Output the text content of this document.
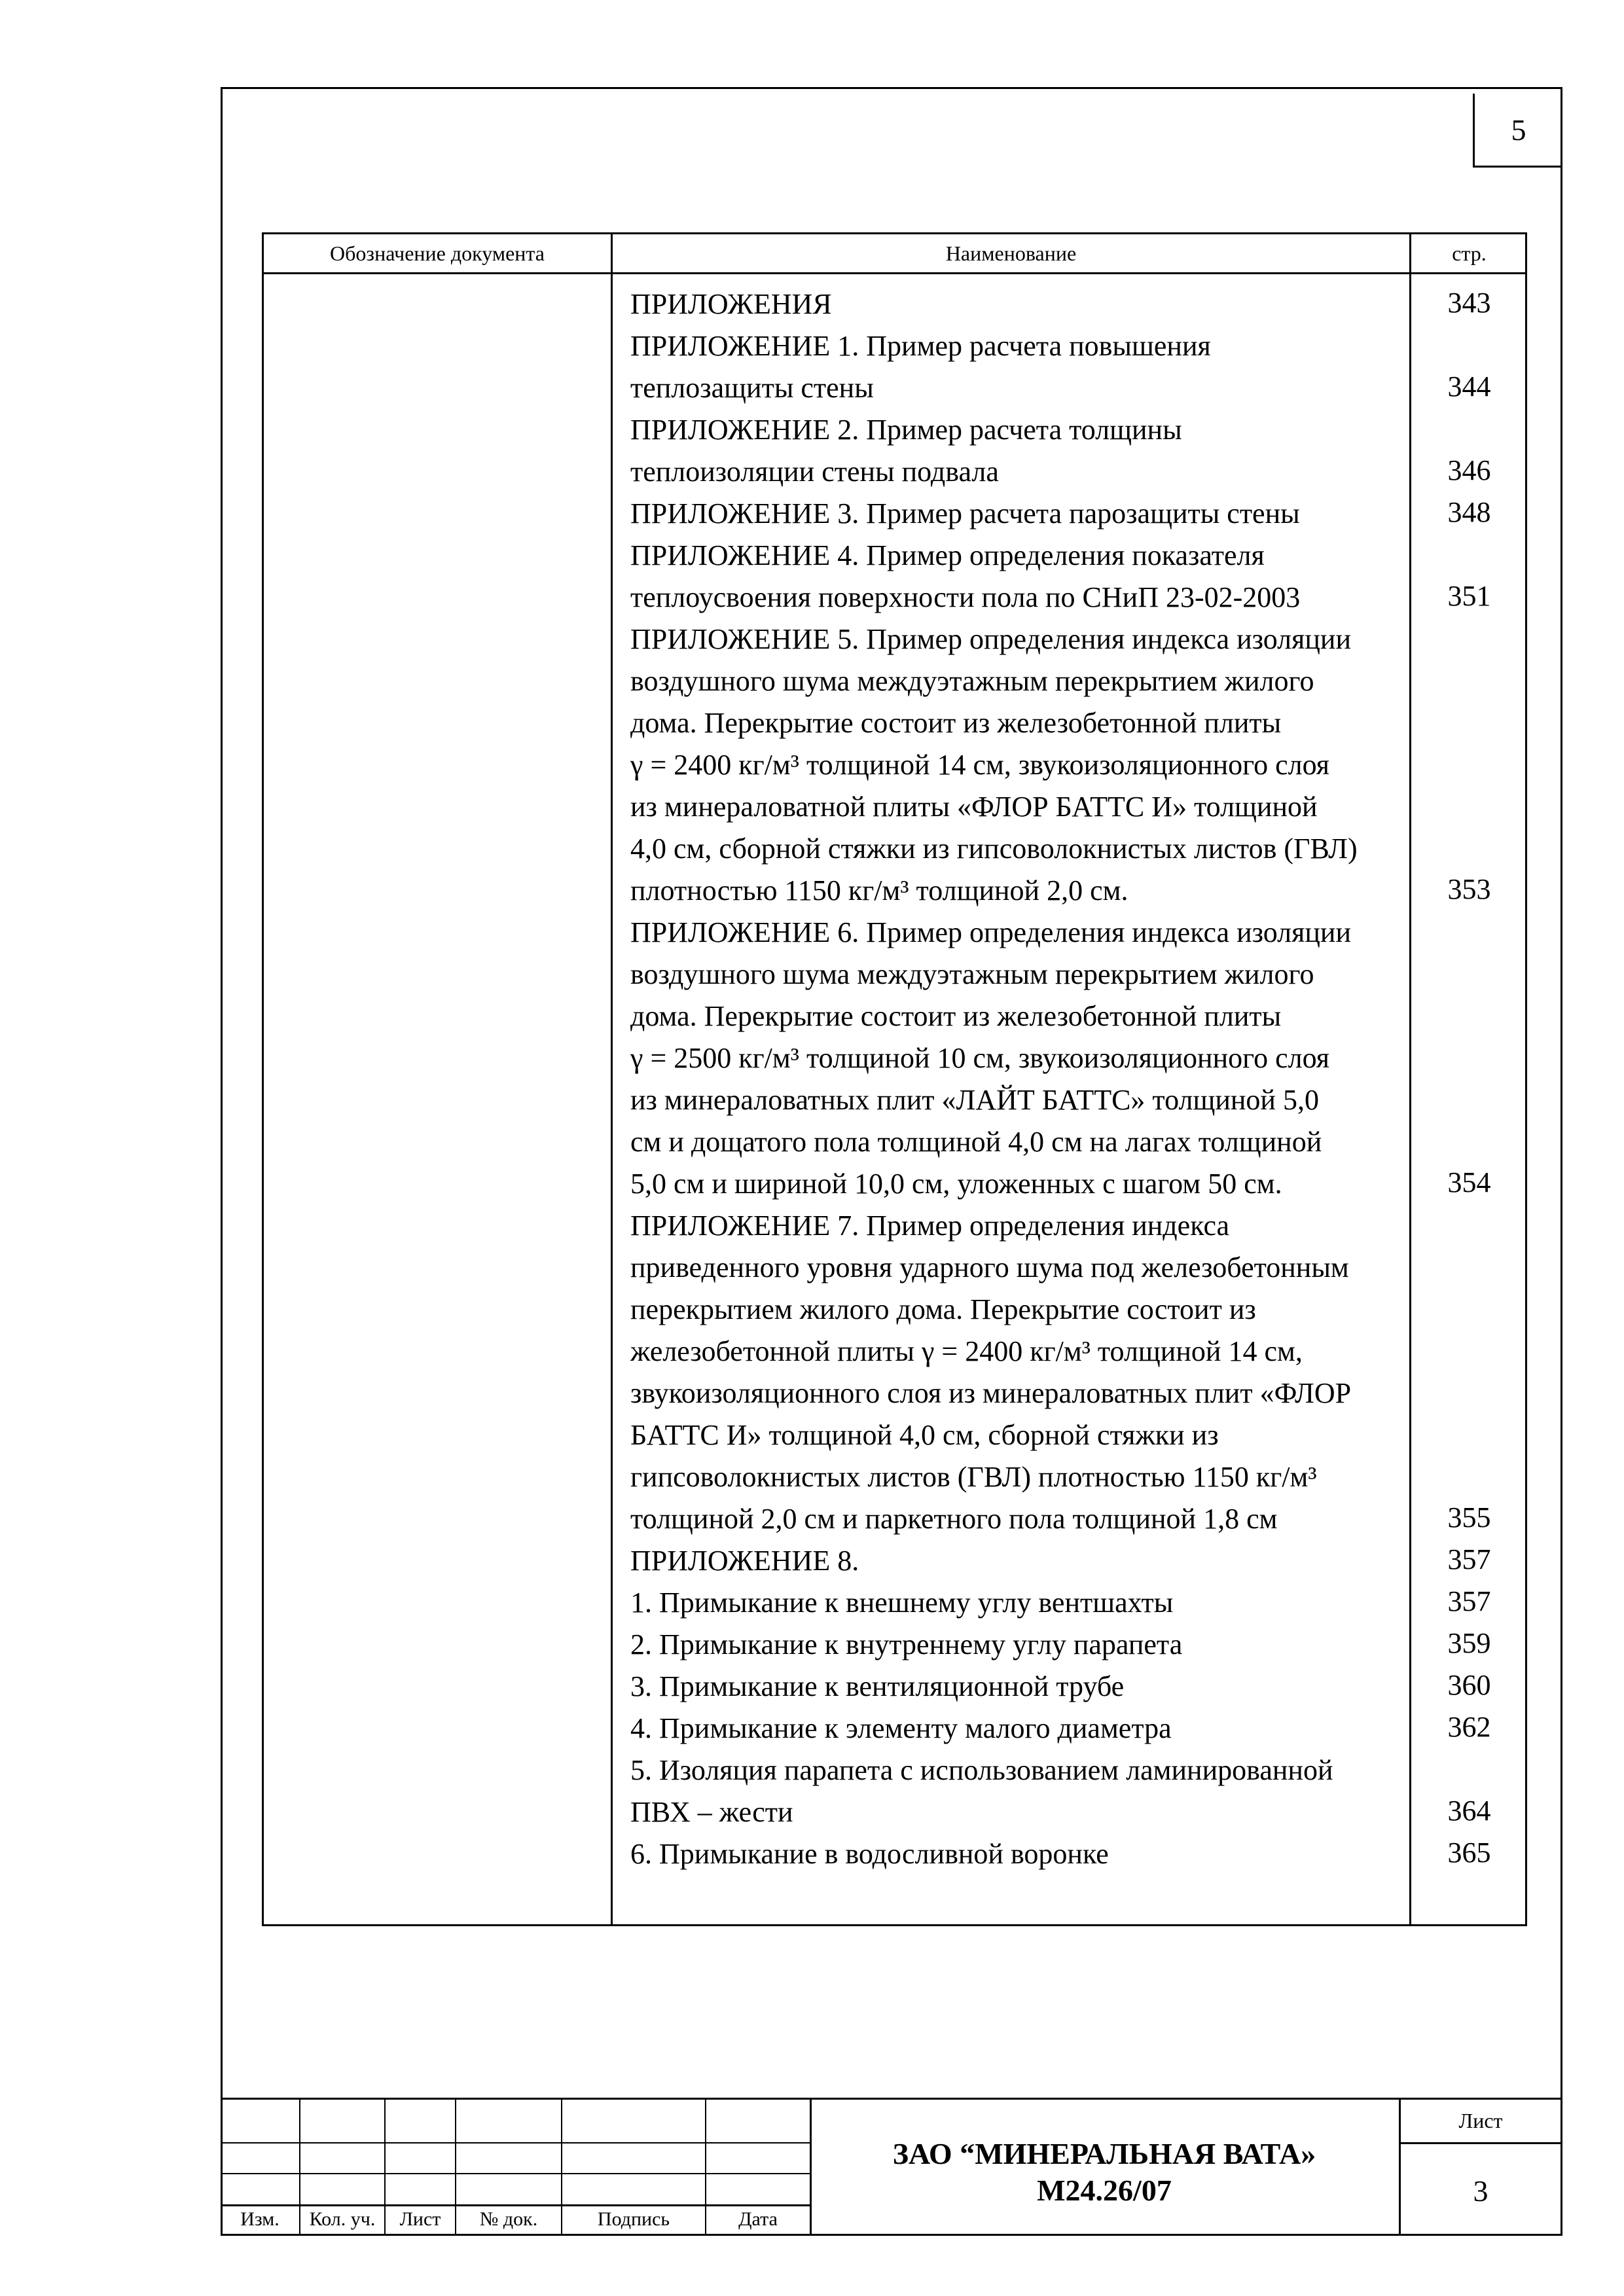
5
Обозначение документа	Наименование	стр.
ПРИЛОЖЕНИЯ	343
ПРИЛОЖЕНИЕ 1. Пример расчета повышения
теплозащиты стены	344
ПРИЛОЖЕНИЕ 2. Пример расчета толщины
теплоизоляции стены подвала	346
ПРИЛОЖЕНИЕ 3. Пример расчета парозащиты стены	348
ПРИЛОЖЕНИЕ 4. Пример определения показателя
теплоусвоения поверхности пола по СНиП 23-02-2003	351
ПРИЛОЖЕНИЕ 5. Пример определения индекса изоляции
воздушного шума междуэтажным перекрытием жилого
дома. Перекрытие состоит из железобетонной плиты
γ = 2400 кг/м³ толщиной 14 см, звукоизоляционного слоя
из минераловатной плиты «ФЛОР БАТТС И» толщиной
4,0 см, сборной стяжки из гипсоволокнистых листов (ГВЛ)
плотностью 1150 кг/м³ толщиной 2,0 см.	353
ПРИЛОЖЕНИЕ 6. Пример определения индекса изоляции
воздушного шума междуэтажным перекрытием жилого
дома. Перекрытие состоит из железобетонной плиты
γ = 2500 кг/м³ толщиной 10 см, звукоизоляционного слоя
из минераловатных плит «ЛАЙТ БАТТС» толщиной 5,0
см и дощатого пола толщиной 4,0 см на лагах толщиной
5,0 см и шириной 10,0 см, уложенных с шагом 50 см.	354
ПРИЛОЖЕНИЕ 7. Пример определения индекса
приведенного уровня ударного шума под железобетонным
перекрытием жилого дома. Перекрытие состоит из
железобетонной плиты γ = 2400 кг/м³ толщиной 14 см,
звукоизоляционного слоя из минераловатных плит «ФЛОР
БАТТС И» толщиной 4,0 см, сборной стяжки из
гипсоволокнистых листов (ГВЛ) плотностью 1150 кг/м³
толщиной 2,0 см и паркетного пола толщиной 1,8 см	355
ПРИЛОЖЕНИЕ 8.	357
1. Примыкание к внешнему углу вентшахты	357
2. Примыкание к внутреннему углу парапета	359
3. Примыкание к вентиляционной трубе	360
4. Примыкание к элементу малого диаметра	362
5. Изоляция парапета с использованием ламинированной
ПВХ – жести	364
6. Примыкание в водосливной воронке	365
Изм.	Кол. уч.	Лист	№ док.	Подпись	Дата
ЗАО “МИНЕРАЛЬНАЯ ВАТА»
М24.26/07
Лист
3
